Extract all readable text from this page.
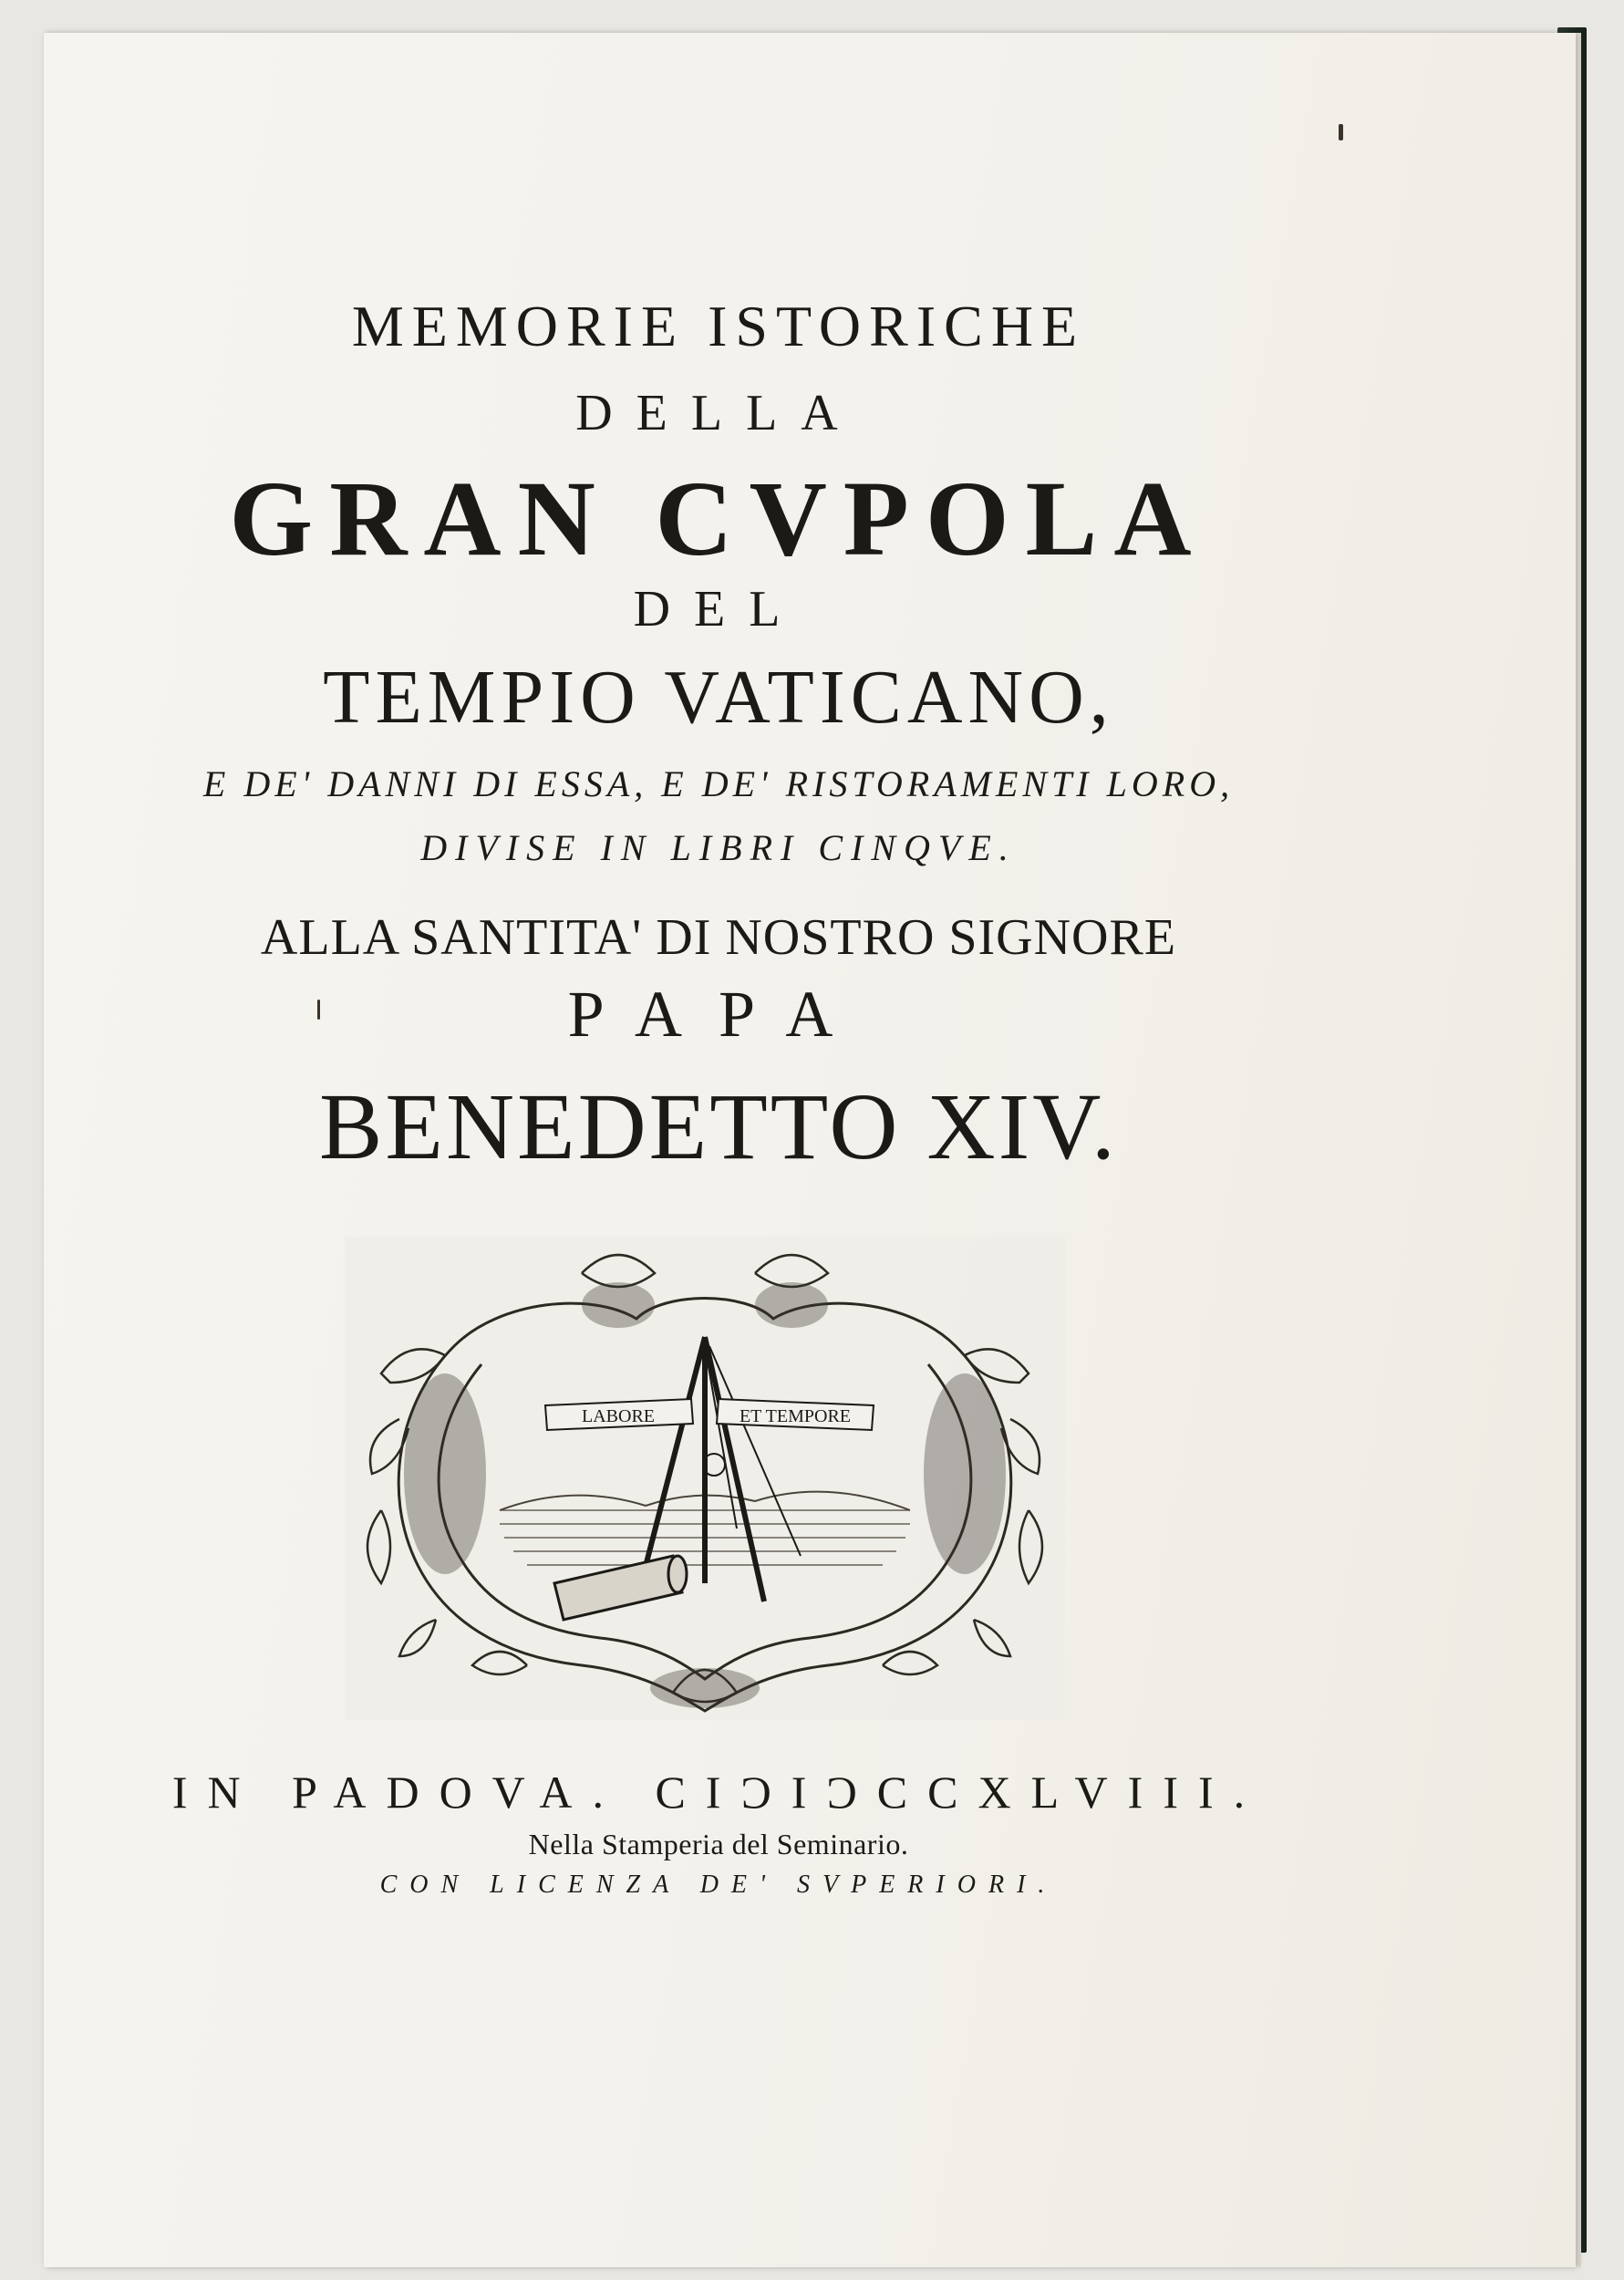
MEMORIE ISTORICHE
DELLA
GRAN CVPOLA
DEL
TEMPIO VATICANO,
E DE' DANNI DI ESSA, E DE' RISTORAMENTI LORO,
DIVISE IN LIBRI CINQVE.
ALLA SANTITA' DI NOSTRO SIGNORE
PAPA
BENEDETTO XIV.
LABORE	ET TEMPORE
IN PADOVA. CIƆIƆCCXLVIII.
Nella Stamperia del Seminario.
CON LICENZA DE' SVPERIORI.
